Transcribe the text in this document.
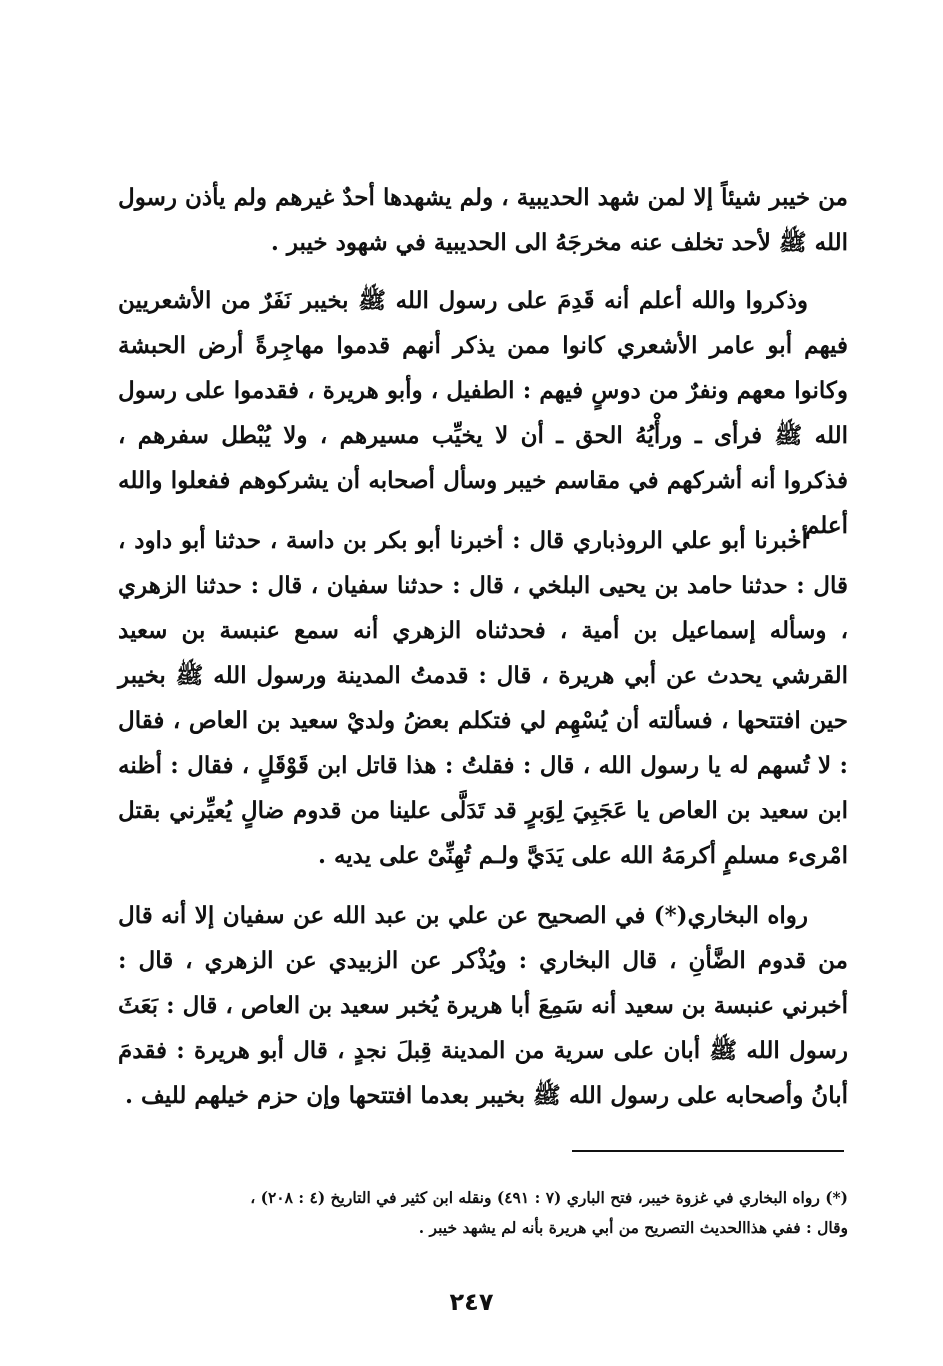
من خيبر شيئاً إلا لمن شهد الحديبية ، ولم يشهدها أحدٌ غيرهم ولم يأذن رسول الله ﷺ لأحد تخلف عنه مخرجَهُ الى الحديبية في شهود خيبر .

وذكروا والله أعلم أنه قَدِمَ على رسول الله ﷺ بخيبر نَفَرٌ من الأشعريين فيهم أبو عامر الأشعري كانوا ممن يذكر أنهم قدموا مهاجِرةً أرض الحبشة وكانوا معهم ونفرٌ من دوسٍ فيهم : الطفيل ، وأبو هريرة ، فقدموا على رسول الله ﷺ فرأى ـ ورأْيُهُ الحق ـ أن لا يخيِّب مسيرهم ، ولا يُبْطل سفرهم ، فذكروا أنه أشركهم في مقاسم خيبر وسأل أصحابه أن يشركوهم ففعلوا والله أعلم .

أخبرنا أبو علي الروذباري قال : أخبرنا أبو بكر بن داسة ، حدثنا أبو داود ، قال : حدثنا حامد بن يحيى البلخي ، قال : حدثنا سفيان ، قال : حدثنا الزهري ، وسأله إسماعيل بن أمية ، فحدثناه الزهري أنه سمع عنبسة بن سعيد القرشي يحدث عن أبي هريرة ، قال : قدمتُ المدينة ورسول الله ﷺ بخيبر حين افتتحها ، فسألته أن يُسْهِم لي فتكلم بعضُ ولديْ سعيد بن العاص ، فقال : لا تُسهم له يا رسول الله ، قال : فقلتُ : هذا قاتل ابن قَوْقَلٍ ، فقال : أظنه ابن سعيد بن العاص يا عَجَبِيَ لِوَبرٍ قد تَدَلَّى علينا من قدوم ضالٍ يُعيِّرني بقتل امْرىء مسلمٍ أكرمَهُ الله على يَدَيَّ ولـم تُهِنِّىْ على يديه .

رواه البخاري(*) في الصحيح عن علي بن عبد الله عن سفيان إلا أنه قال من قدوم الضَّأنِ ، قال البخاري : ويُذْكر عن الزبيدي عن الزهري ، قال : أخبرني عنبسة بن سعيد أنه سَمِعَ أبا هريرة يُخبر سعيد بن العاص ، قال : بَعَثَ رسول الله ﷺ أبان على سرية من المدينة قِبلَ نجدٍ ، قال أبو هريرة : فقدمَ أبانُ وأصحابه على رسول الله ﷺ بخيبر بعدما افتتحها وإن حزم خيلهم لليف .

(*) رواه البخاري في غزوة خيبر، فتح الباري (٧ : ٤٩١) ونقله ابن كثير في التاريخ (٤ : ٢٠٨) ،
وقال : ففي هذاالحديث التصريح من أبي هريرة بأنه لم يشهد خيبر .
٢٤٧
